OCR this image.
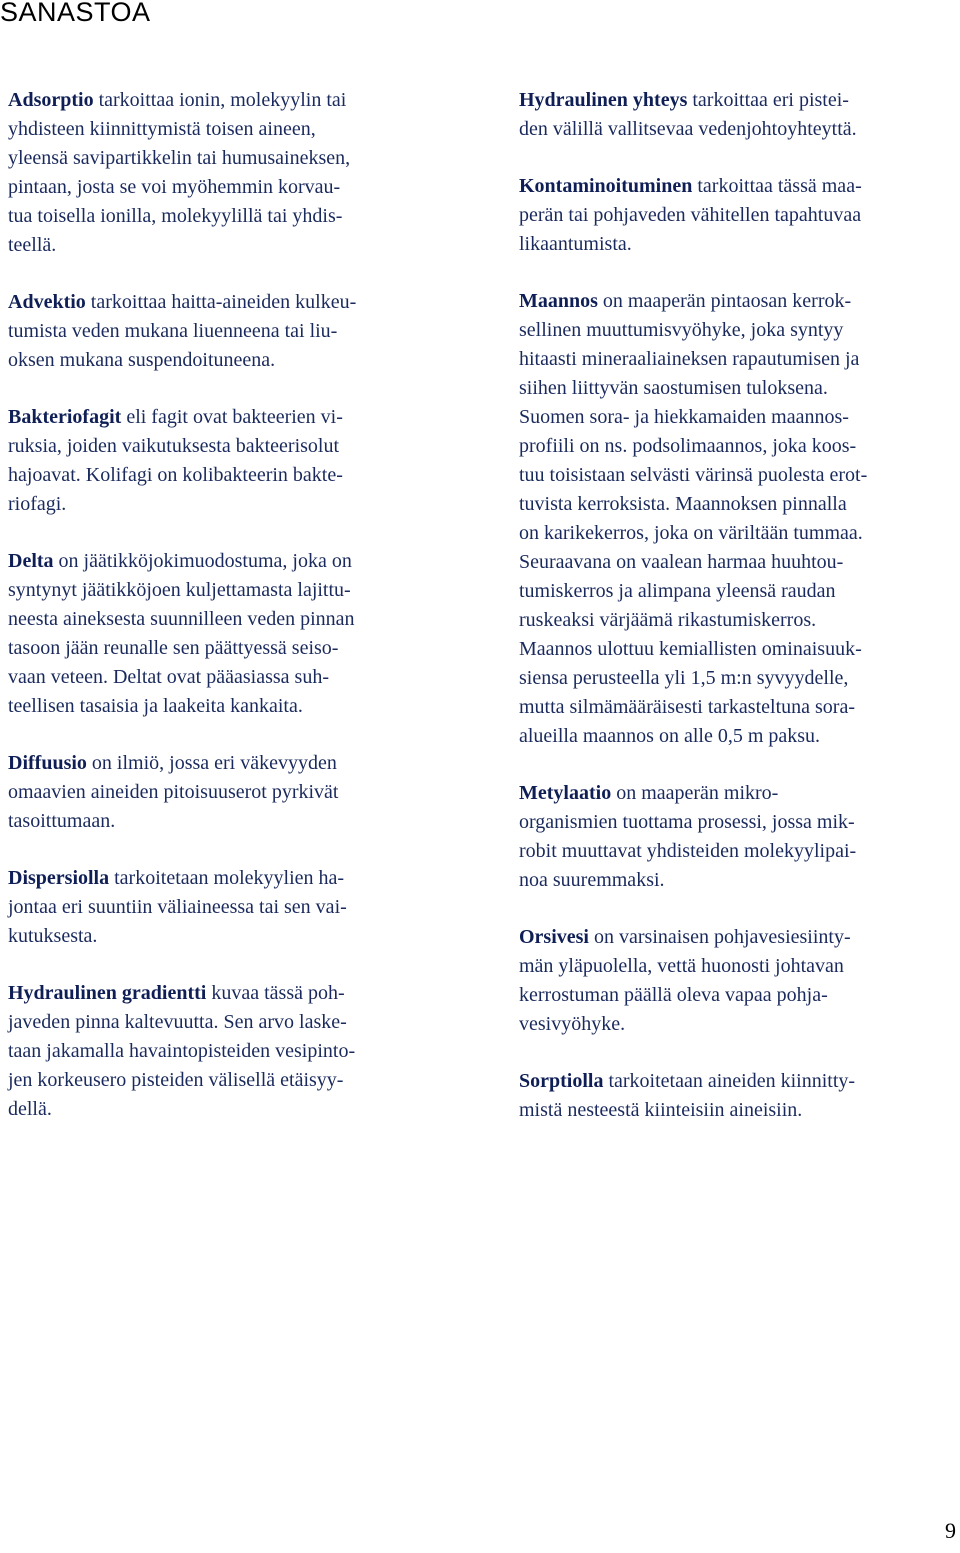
SANASTOA

Adsorptio tarkoittaa ionin, molekyylin tai
yhdisteen kiinnittymistä toisen aineen,
yleensä savipartikkelin tai humusaineksen,
pintaan, josta se voi myöhemmin korvau-
tua toisella ionilla, molekyylillä tai yhdis-
teellä.

Advektio tarkoittaa haitta-aineiden kulkeu-
tumista veden mukana liuenneena tai liu-
oksen mukana suspendoituneena.

Bakteriofagit eli fagit ovat bakteerien vi-
ruksia, joiden vaikutuksesta bakteerisolut
hajoavat. Kolifagi on kolibakteerin bakte-
riofagi.

Delta on jäätikköjokimuodostuma, joka on
syntynyt jäätikköjoen kuljettamasta lajittu-
neesta aineksesta suunnilleen veden pinnan
tasoon jään reunalle sen päättyessä seiso-
vaan veteen. Deltat ovat pääasiassa suh-
teellisen tasaisia ja laakeita kankaita.

Diffuusio on ilmiö, jossa eri väkevyyden
omaavien aineiden pitoisuuserot pyrkivät
tasoittumaan.

Dispersiolla tarkoitetaan molekyylien ha-
jontaa eri suuntiin väliaineessa tai sen vai-
kutuksesta.

Hydraulinen gradientti kuvaa tässä poh-
javeden pinna kaltevuutta. Sen arvo laske-
taan jakamalla havaintopisteiden vesipinto-
jen korkeusero pisteiden välisellä etäisyy-
dellä.

Hydraulinen yhteys tarkoittaa eri pistei-
den välillä vallitsevaa vedenjohtoyhteyttä.

Kontaminoituminen tarkoittaa tässä maa-
perän tai pohjaveden vähitellen tapahtuvaa
likaantumista.

Maannos on maaperän pintaosan kerrok-
sellinen muuttumisvyöhyke, joka syntyy
hitaasti mineraaliaineksen rapautumisen ja
siihen liittyvän saostumisen tuloksena.
Suomen sora- ja hiekkamaiden maannos-
profiili on ns. podsolimaannos, joka koos-
tuu toisistaan selvästi värinsä puolesta erot-
tuvista kerroksista. Maannoksen pinnalla
on karikekerros, joka on väriltään tummaa.
Seuraavana on vaalean harmaa huuhtou-
tumiskerros ja alimpana yleensä raudan
ruskeaksi värjäämä rikastumiskerros.
Maannos ulottuu kemiallisten ominaisuuk-
siensa perusteella yli 1,5 m:n syvyydelle,
mutta silmämääräisesti tarkasteltuna sora-
alueilla maannos on alle 0,5 m paksu.

Metylaatio on maaperän mikro-
organismien tuottama prosessi, jossa mik-
robit muuttavat yhdisteiden molekyylipai-
noa suuremmaksi.

Orsivesi on varsinaisen pohjavesiesiinty-
män yläpuolella, vettä huonosti johtavan
kerrostuman päällä oleva vapaa pohja-
vesivyöhyke.

Sorptiolla tarkoitetaan aineiden kiinnitty-
mistä nesteestä kiinteisiin aineisiin.

9
